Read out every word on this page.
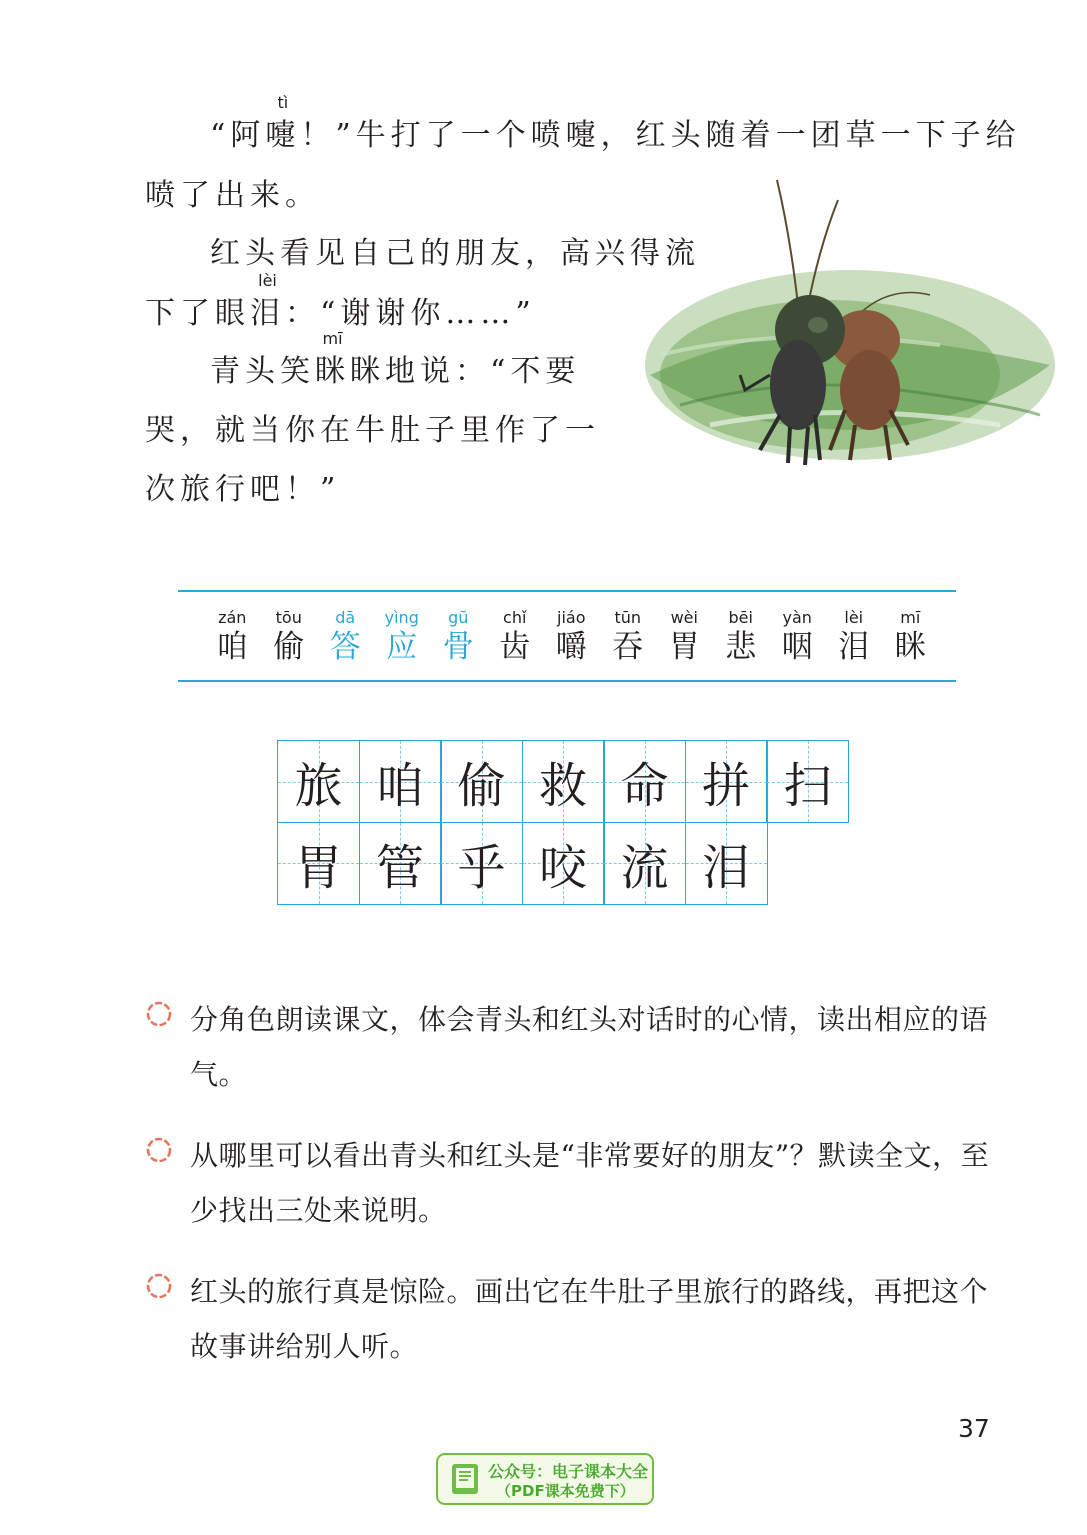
“阿
tì
嚏！”牛打了一个喷嚏，红头随着一团草一下子给
喷了出来。
红头看见自己的朋友，高兴得流
下了眼
lèi
泪：“谢谢你……”
青头笑
mī
眯眯地说：“不要
哭，就当你在牛肚子里作了一
次旅行吧！”
zán
咱
tōu
偷
dā
答
yìng
应
gū
骨
chǐ
齿
jiáo
嚼
tūn
吞
wèi
胃
bēi
悲
yàn
咽
lèi
泪
mī
眯
旅 咱 偷 救 命 拼 扫
胃 管 乎 咬 流 泪
分角色朗读课文，体会青头和红头对话时的心情，读出相应的语气。
从哪里可以看出青头和红头是“非常要好的朋友”？默读全文，至少找出三处来说明。
红头的旅行真是惊险。画出它在牛肚子里旅行的路线，再把这个故事讲给别人听。
37
公众号：电子课本大全
（PDF课本免费下）
